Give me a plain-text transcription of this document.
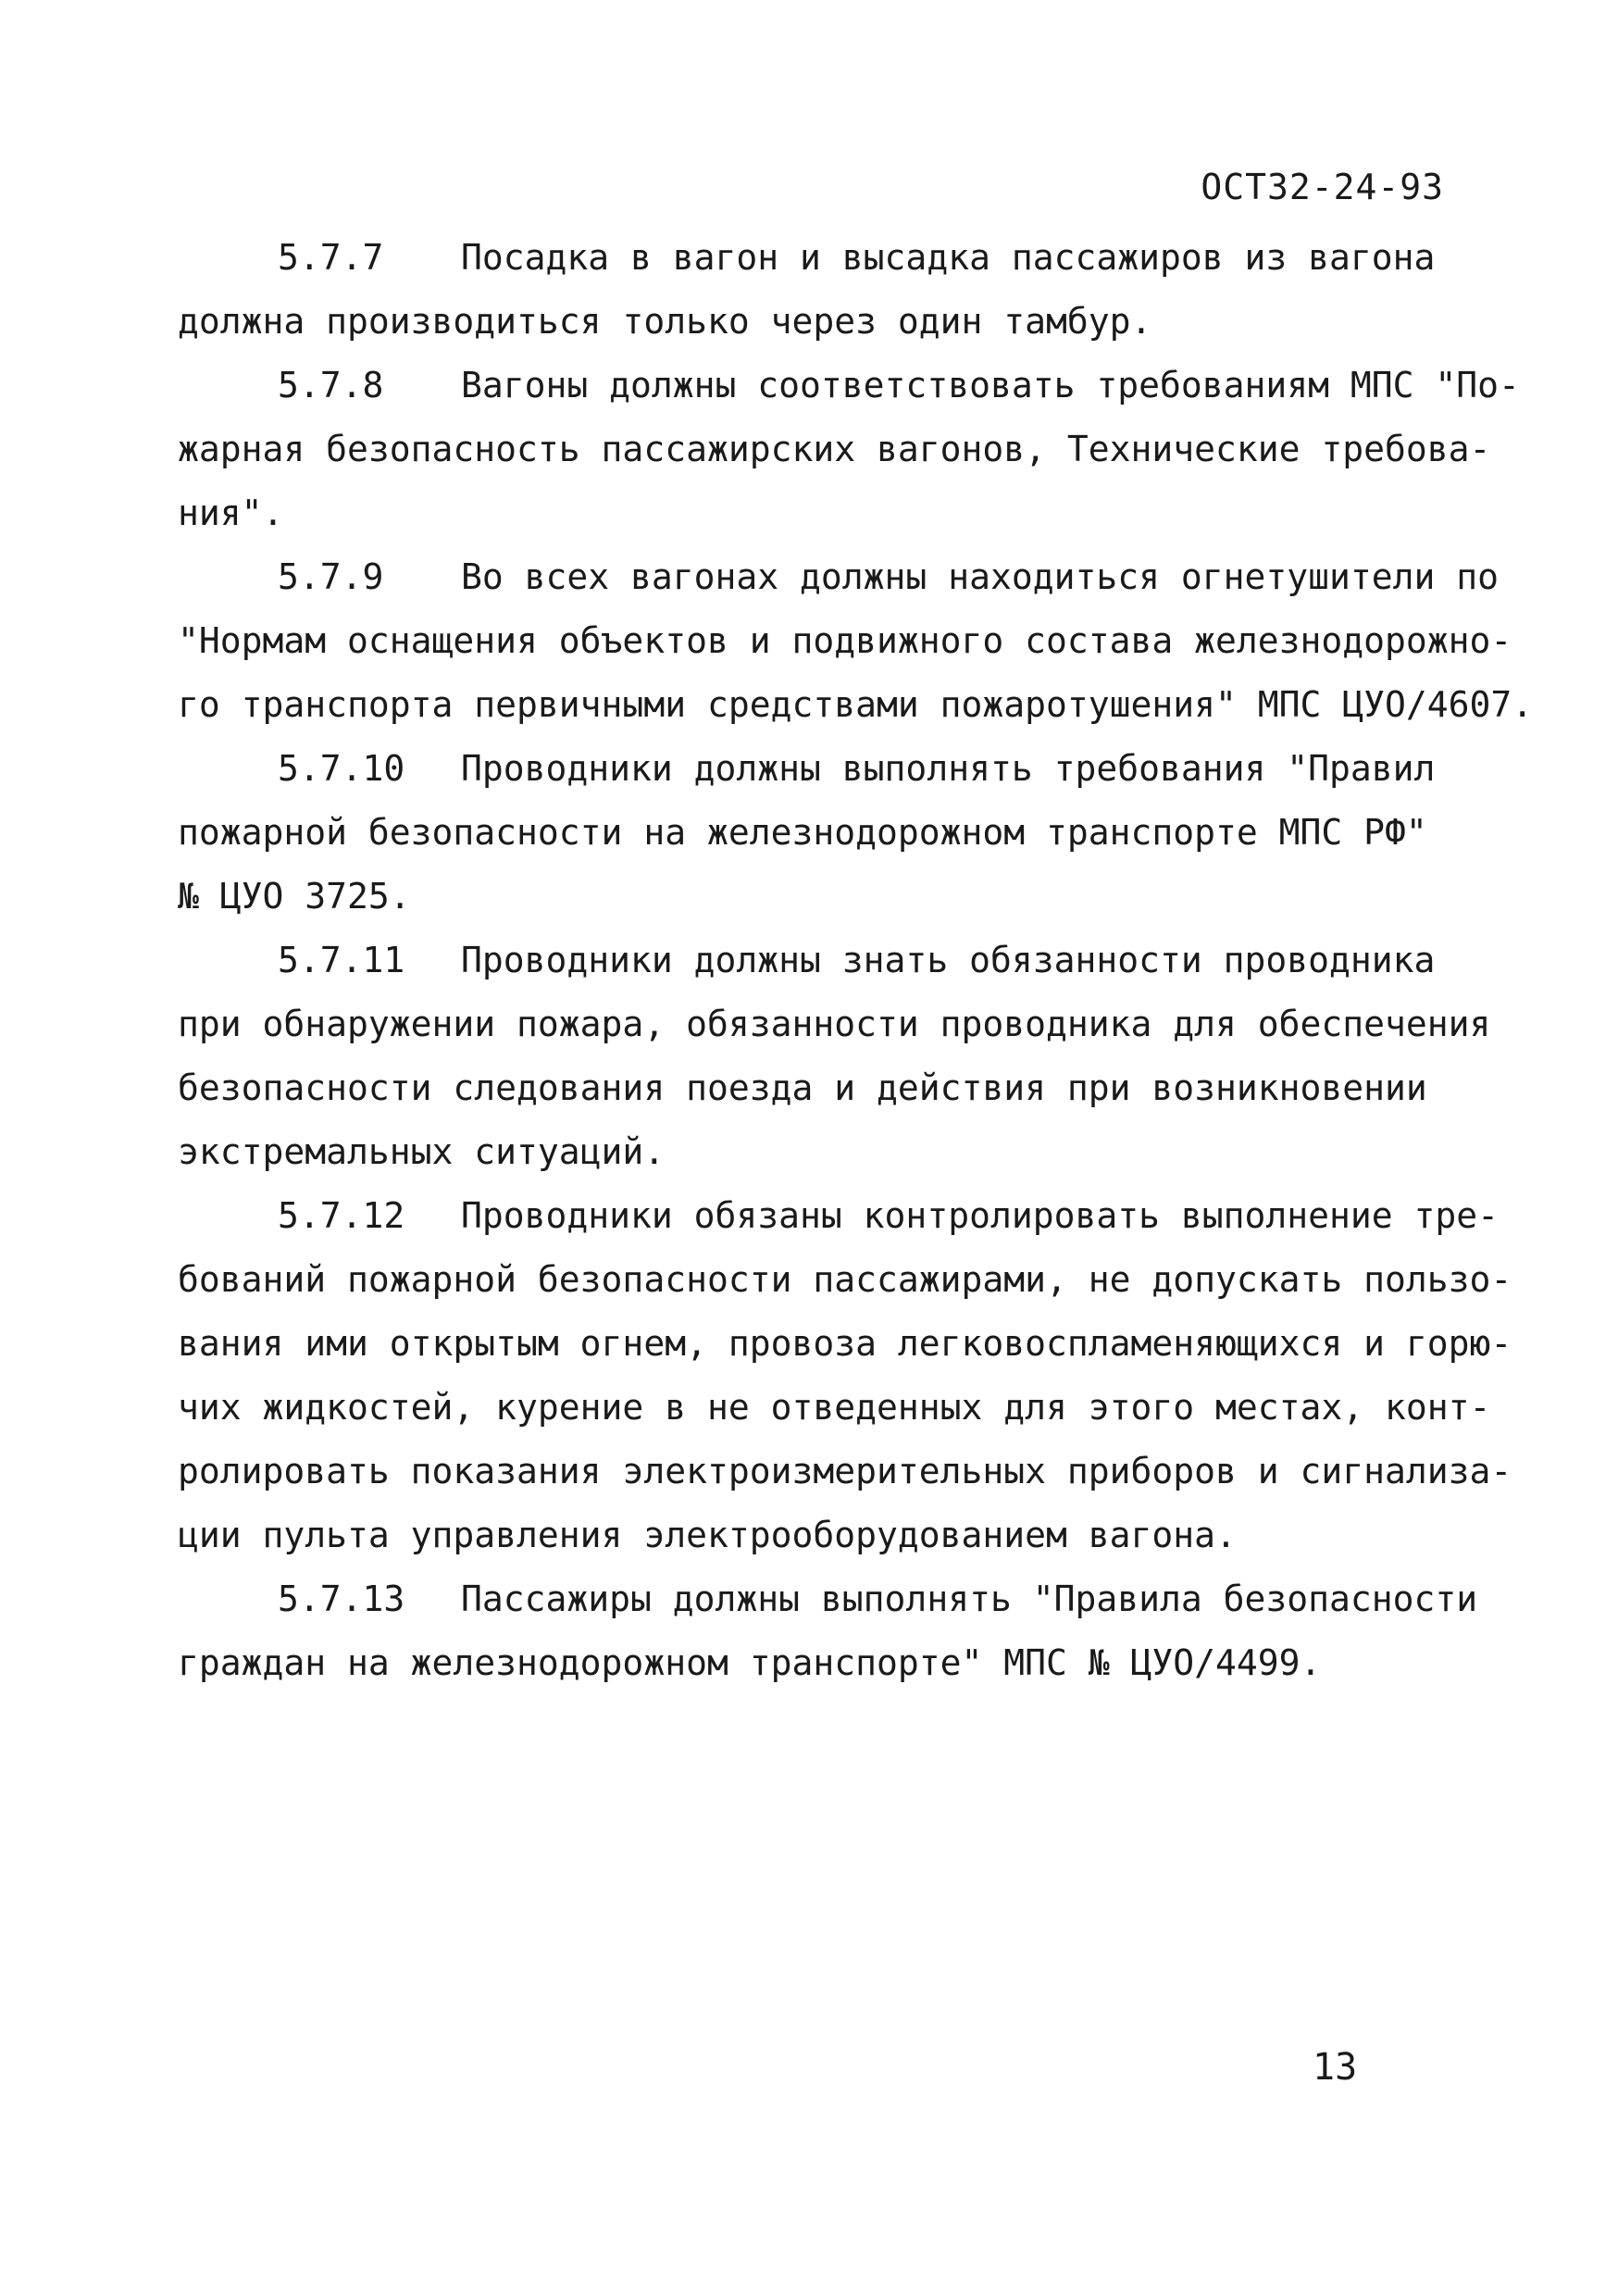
ОСТ32-24-93
5.7.7 Посадка в вагон и высадка пассажиров из вагона
должна производиться только через один тамбур.
5.7.8 Вагоны должны соответствовать требованиям МПС "По-
жарная безопасность пассажирских вагонов, Технические требова-
ния".
5.7.9 Во всех вагонах должны находиться огнетушители по
"Нормам оснащения объектов и подвижного состава железнодорожно-
го транспорта первичными средствами пожаротушения" МПС ЦУО/4607.
5.7.10 Проводники должны выполнять требования "Правил
пожарной безопасности на железнодорожном транспорте МПС РФ"
№ ЦУО 3725.
5.7.11 Проводники должны знать обязанности проводника
при обнаружении пожара, обязанности проводника для обеспечения
безопасности следования поезда и действия при возникновении
экстремальных ситуаций.
5.7.12 Проводники обязаны контролировать выполнение тре-
бований пожарной безопасности пассажирами, не допускать пользо-
вания ими открытым огнем, провоза легковоспламеняющихся и горю-
чих жидкостей, курение в не отведенных для этого местах, конт-
ролировать показания электроизмерительных приборов и сигнализа-
ции пульта управления электрооборудованием вагона.
5.7.13 Пассажиры должны выполнять "Правила безопасности
граждан на железнодорожном транспорте" МПС № ЦУО/4499.
13
